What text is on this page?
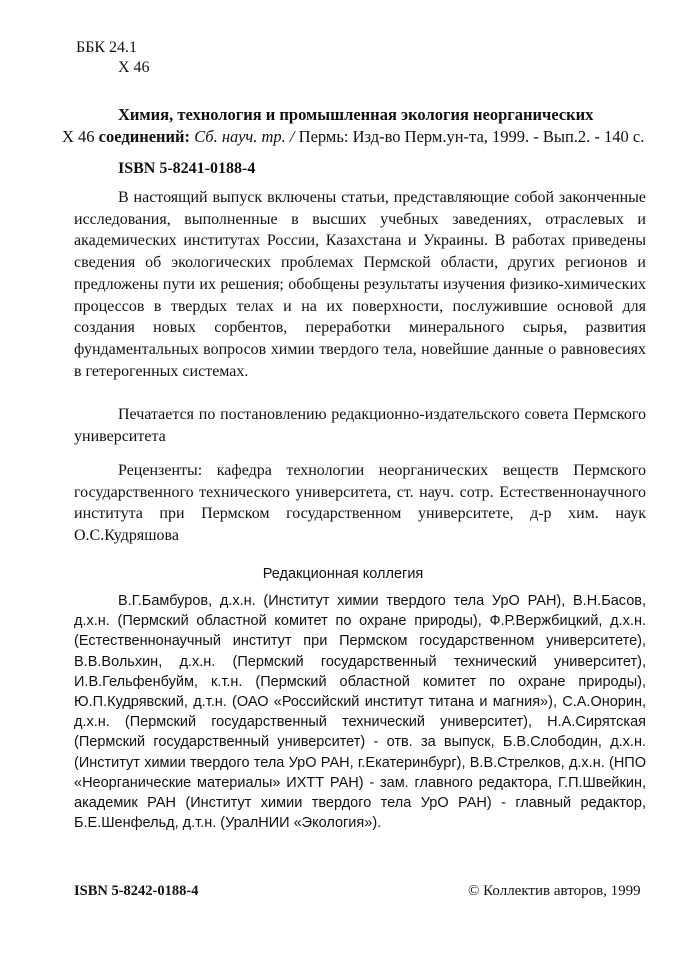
ББК 24.1
Х 46
Химия, технология и промышленная экология неорганических
Х 46 соединений: Сб. науч. тр. / Пермь: Изд-во Перм.ун-та, 1999. - Вып.2. - 140 с.
ISBN 5-8241-0188-4
В настоящий выпуск включены статьи, представляющие собой законченные исследования, выполненные в высших учебных заведениях, отраслевых и академических институтах России, Казахстана и Украины. В работах приведены сведения об экологических проблемах Пермской области, других регионов и предложены пути их решения; обобщены результаты изучения физико-химических процессов в твердых телах и на их поверхности, послужившие основой для создания новых сорбентов, переработки минерального сырья, развития фундаментальных вопросов химии твердого тела, новейшие данные о равновесиях в гетерогенных системах.
Печатается по постановлению редакционно-издательского совета Пермского университета
Рецензенты: кафедра технологии неорганических веществ Пермского государственного технического университета, ст. науч. сотр. Естественнонаучного института при Пермском государственном университете, д-р хим. наук О.С.Кудряшова
Редакционная коллегия
В.Г.Бамбуров, д.х.н. (Институт химии твердого тела УрО РАН), В.Н.Басов, д.х.н. (Пермский областной комитет по охране природы), Ф.Р.Вержбицкий, д.х.н. (Естественнонаучный институт при Пермском государственном университете), В.В.Вольхин, д.х.н. (Пермский государственный технический университет), И.В.Гельфенбуйм, к.т.н. (Пермский областной комитет по охране природы), Ю.П.Кудрявский, д.т.н. (ОАО «Российский институт титана и магния»), С.А.Онорин, д.х.н. (Пермский государственный технический университет), Н.А.Сирятская (Пермский государственный университет) - отв. за выпуск, Б.В.Слободин, д.х.н. (Институт химии твердого тела УрО РАН, г.Екатеринбург), В.В.Стрелков, д.х.н. (НПО «Неорганические материалы» ИХТТ РАН) - зам. главного редактора, Г.П.Швейкин, академик РАН (Институт химии твердого тела УрО РАН) - главный редактор, Б.Е.Шенфельд, д.т.н. (УралНИИ «Экология»).
ISBN 5-8242-0188-4	© Коллектив авторов, 1999
